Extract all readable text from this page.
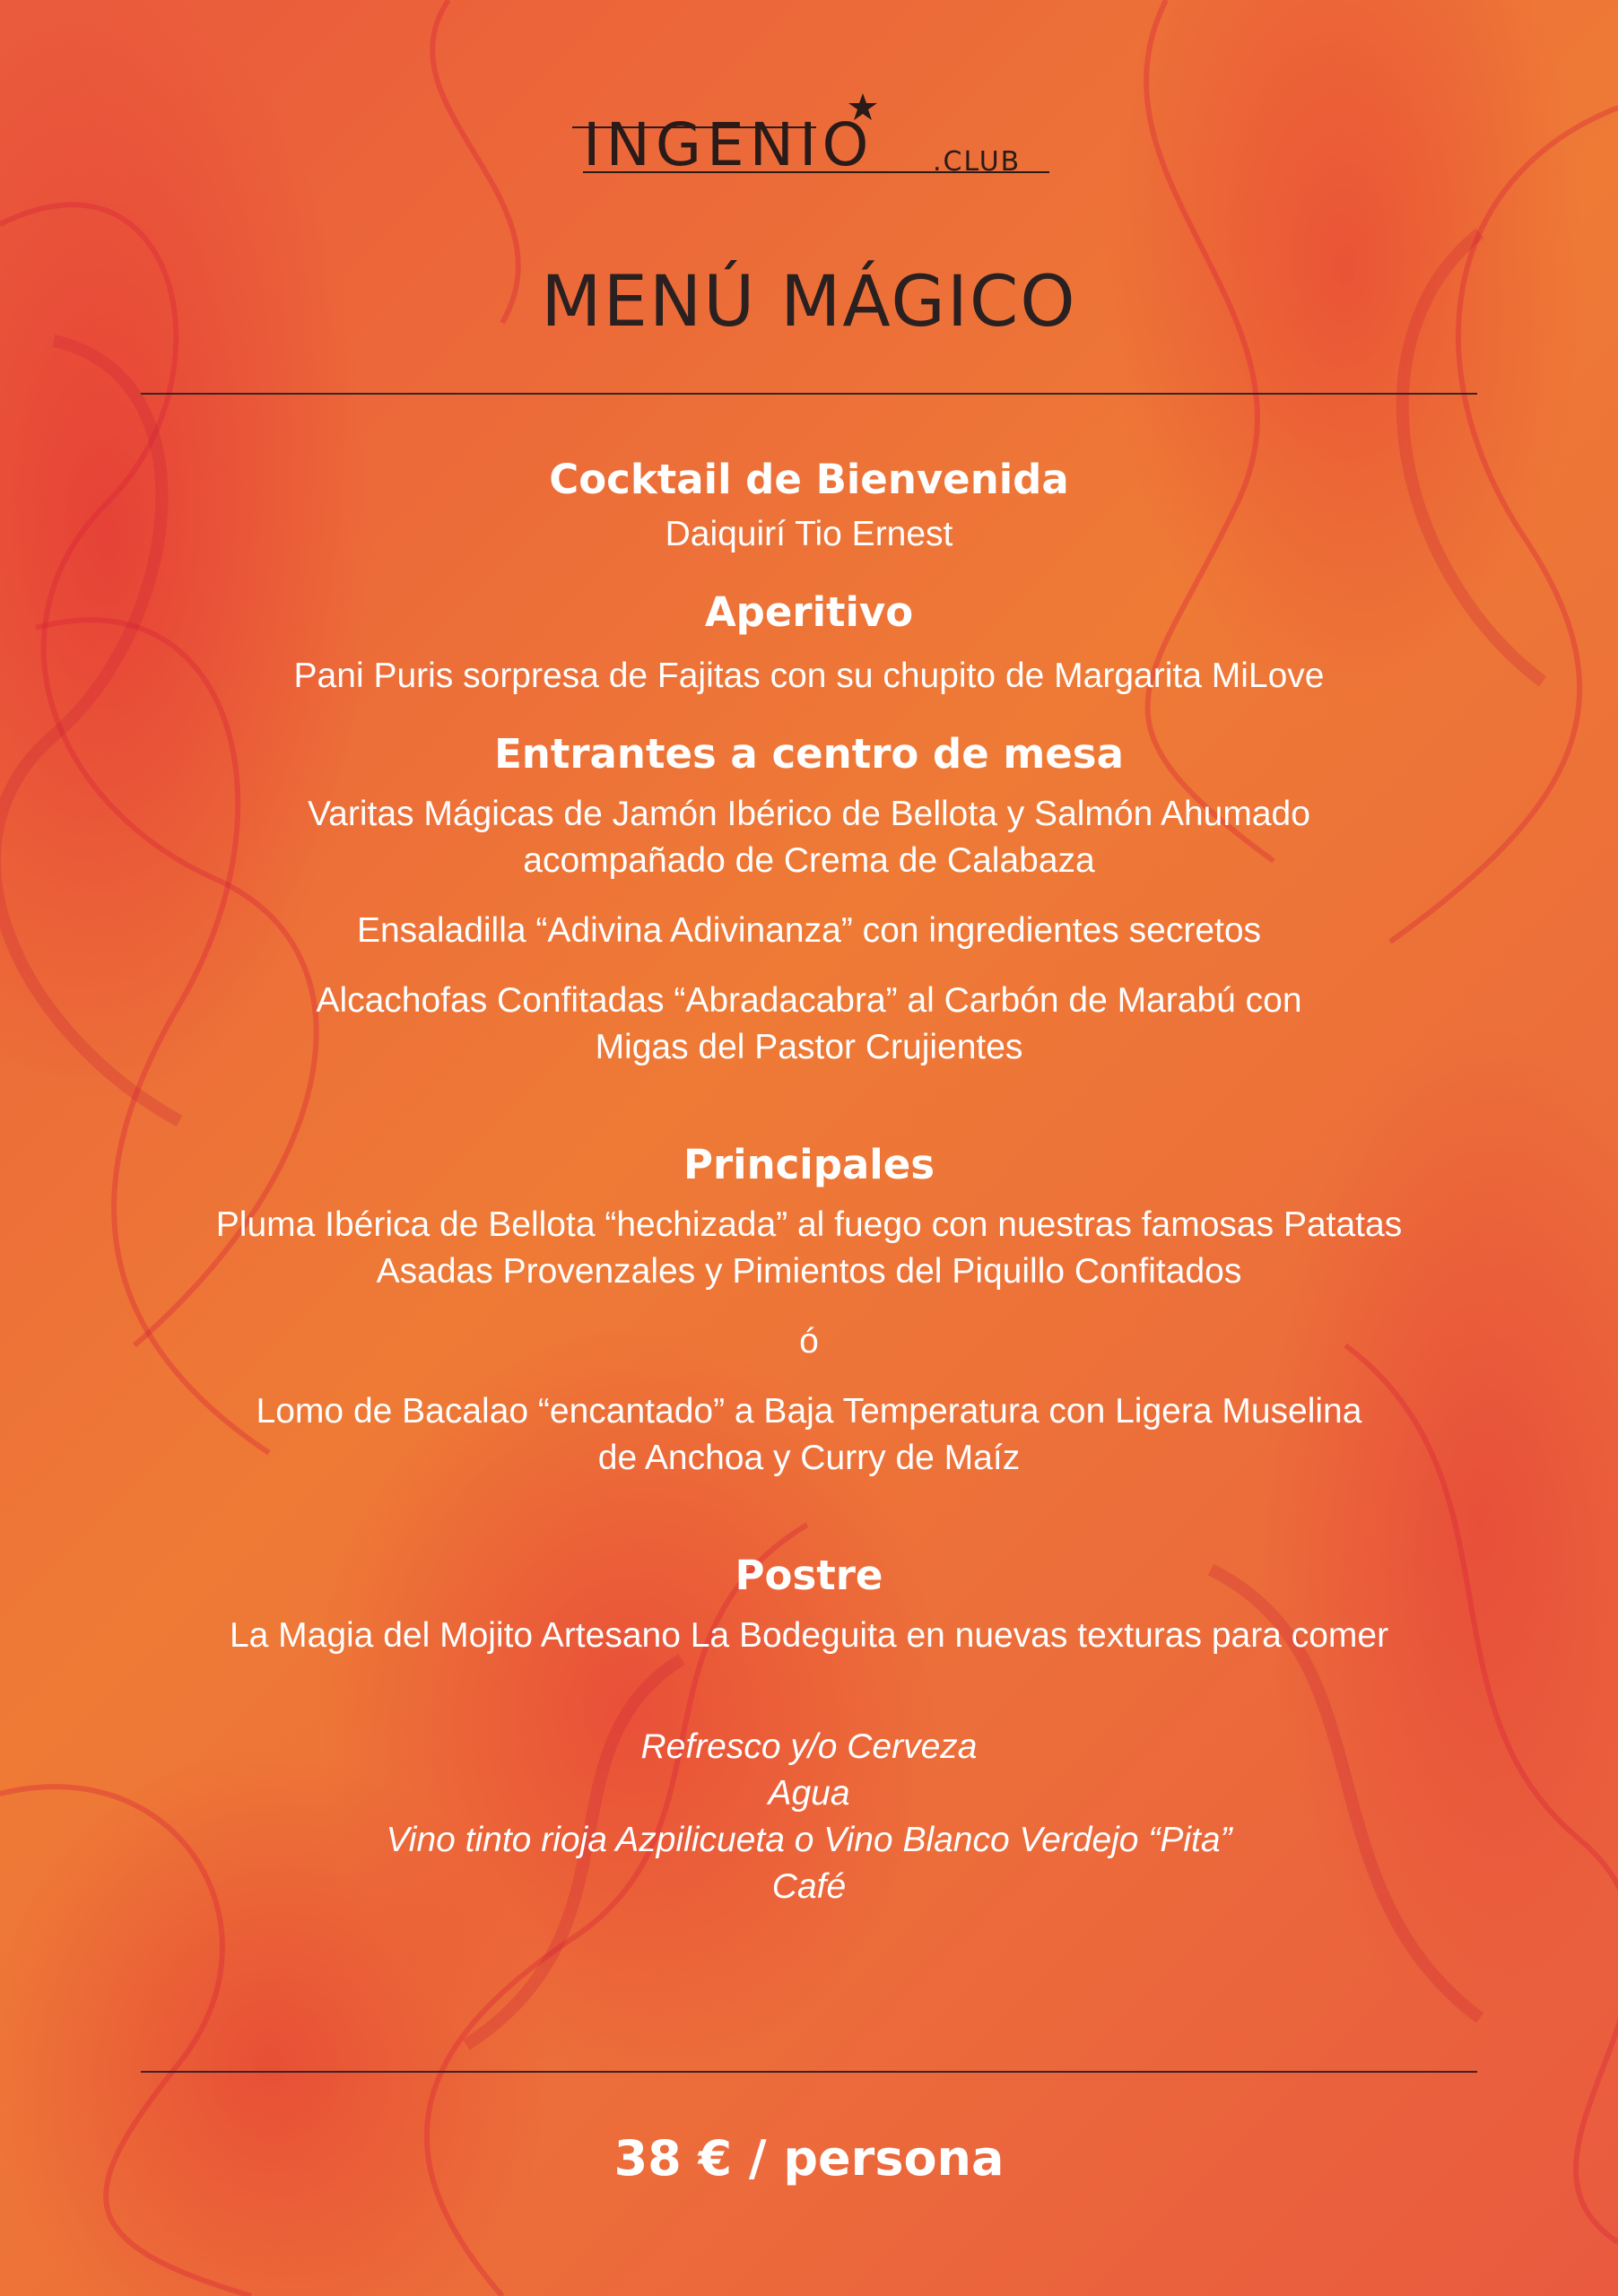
INGENIO .CLUB
MENÚ MÁGICO
Cocktail de Bienvenida

Daiquirí Tio Ernest

Aperitivo

Pani Puris sorpresa de Fajitas con su chupito de Margarita MiLove

Entrantes a centro de mesa

Varitas Mágicas de Jamón Ibérico de Bellota y Salmón Ahumado
acompañado de Crema de Calabaza

Ensaladilla “Adivina Adivinanza” con ingredientes secretos

Alcachofas Confitadas “Abradacabra” al Carbón de Marabú con
Migas del Pastor Crujientes

Principales

Pluma Ibérica de Bellota “hechizada” al fuego con nuestras famosas Patatas
Asadas Provenzales y Pimientos del Piquillo Confitados

ó

Lomo de Bacalao “encantado” a Baja Temperatura con Ligera Muselina
de Anchoa y Curry de Maíz

Postre

La Magia del Mojito Artesano La Bodeguita en nuevas texturas para comer

Refresco y/o Cerveza

Agua

Vino tinto rioja Azpilicueta o Vino Blanco Verdejo “Pita”

Café

38 € / persona
